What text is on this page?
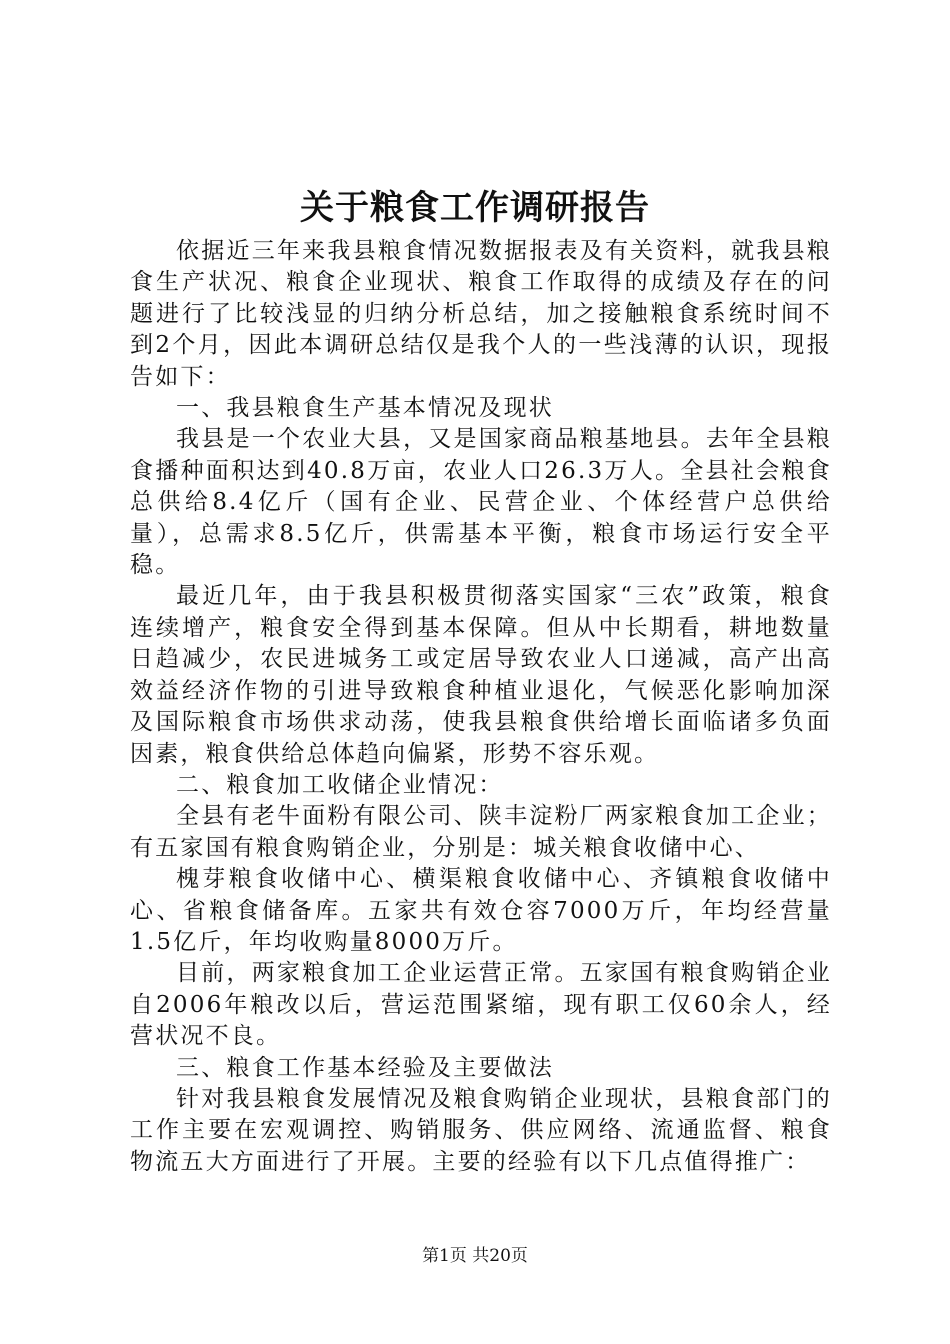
关于粮食工作调研报告

依据近三年来我县粮食情况数据报表及有关资料，就我县粮食生产状况、粮食企业现状、粮食工作取得的成绩及存在的问题进行了比较浅显的归纳分析总结，加之接触粮食系统时间不到2个月，因此本调研总结仅是我个人的一些浅薄的认识，现报告如下：

一、我县粮食生产基本情况及现状

我县是一个农业大县，又是国家商品粮基地县。去年全县粮食播种面积达到40.8万亩，农业人口26.3万人。全县社会粮食总供给8.4亿斤（国有企业、民营企业、个体经营户总供给量），总需求8.5亿斤，供需基本平衡，粮食市场运行安全平稳。

最近几年，由于我县积极贯彻落实国家“三农”政策，粮食连续增产，粮食安全得到基本保障。但从中长期看，耕地数量日趋减少，农民进城务工或定居导致农业人口递减，高产出高效益经济作物的引进导致粮食种植业退化，气候恶化影响加深及国际粮食市场供求动荡，使我县粮食供给增长面临诸多负面因素，粮食供给总体趋向偏紧，形势不容乐观。

二、粮食加工收储企业情况：

全县有老牛面粉有限公司、陕丰淀粉厂两家粮食加工企业；有五家国有粮食购销企业，分别是：城关粮食收储中心、

槐芽粮食收储中心、横渠粮食收储中心、齐镇粮食收储中心、省粮食储备库。五家共有效仓容7000万斤，年均经营量1.5亿斤，年均收购量8000万斤。

目前，两家粮食加工企业运营正常。五家国有粮食购销企业自2006年粮改以后，营运范围紧缩，现有职工仅60余人，经营状况不良。

三、粮食工作基本经验及主要做法

针对我县粮食发展情况及粮食购销企业现状，县粮食部门的工作主要在宏观调控、购销服务、供应网络、流通监督、粮食物流五大方面进行了开展。主要的经验有以下几点值得推广：

第1页 共20页
